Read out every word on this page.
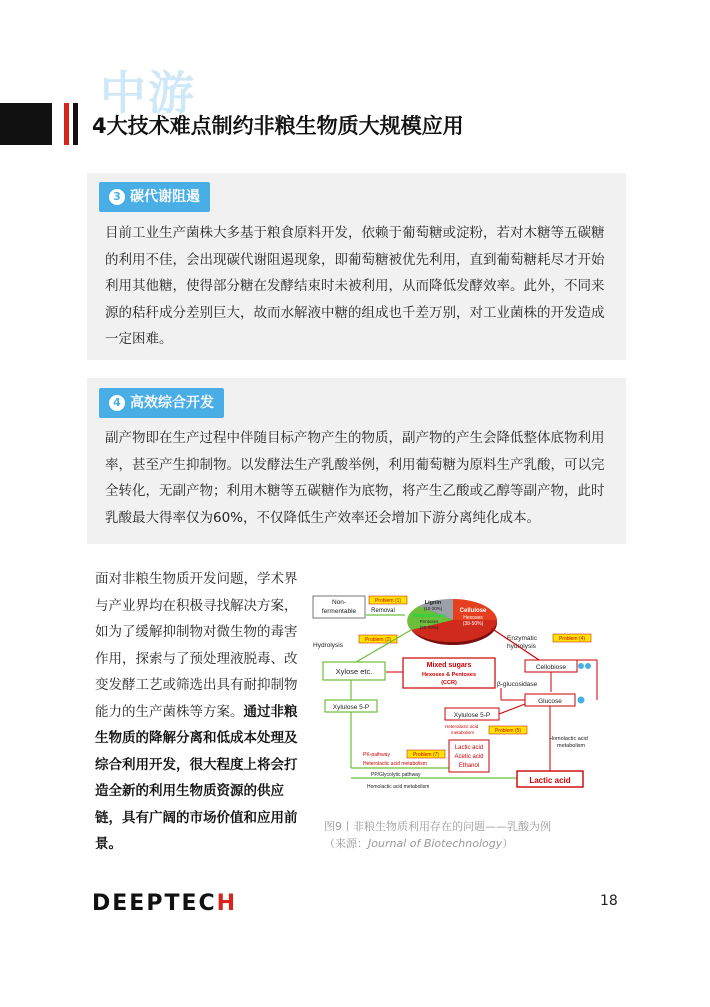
中游
4大技术难点制约非粮生物质大规模应用
3 碳代谢阻遏

目前工业生产菌株大多基于粮食原料开发，依赖于葡萄糖或淀粉，若对木糖等五碳糖的利用不佳，会出现碳代谢阻遏现象，即葡萄糖被优先利用，直到葡萄糖耗尽才开始利用其他糖，使得部分糖在发酵结束时未被利用，从而降低发酵效率。此外，不同来源的秸秆成分差别巨大，故而水解液中糖的组成也千差万别，对工业菌株的开发造成一定困难。

4 高效综合开发

副产物即在生产过程中伴随目标产物产生的物质，副产物的产生会降低整体底物利用率，甚至产生抑制物。以发酵法生产乳酸举例，利用葡萄糖为原料生产乳酸，可以完全转化，无副产物；利用木糖等五碳糖作为底物，将产生乙酸或乙醇等副产物，此时乳酸最大得率仅为60%，不仅降低生产效率还会增加下游分离纯化成本。

面对非粮生物质开发问题，学术界与产业界均在积极寻找解决方案，如为了缓解抑制物对微生物的毒害作用，探索与了预处理液脱毒、改变发酵工艺或筛选出具有耐抑制物能力的生产菌株等方案。通过非粮生物质的降解分离和低成本处理及综合利用开发，很大程度上将会打造全新的利用生物质资源的供应链，具有广阔的市场价值和应用前景。

Non-
fermentable
Problem (1)
Removal
Lignin
(10-20%)
Hemicellulose
Pentoses
(20-30%)
Cellulose
Hexoses
(38-50%)
Hydrolysis
Problem (2)	Enzymatic
hydrolysis
Problem (4)
Xylose etc.
Mixed sugars
Hexoses & Pentoses
(CCR)
Cellobiose
β-glucosidase
Glucose
Xylulose 5-P
Xylulose 5-P
Heterolactic acid
metabolism	Problem (5)
Homolactic acid
metabolism
PK-pathway	Problem (7)
Heterolactic acid metabolism
PP/Glycolytic pathway
Homolactic acid metabolism
Lactic acid
Acetic acid
Ethanol
Lactic acid
图9丨非粮生物质利用存在的问题——乳酸为例
（来源：Journal of Biotechnology）
DEEPTECH	18
